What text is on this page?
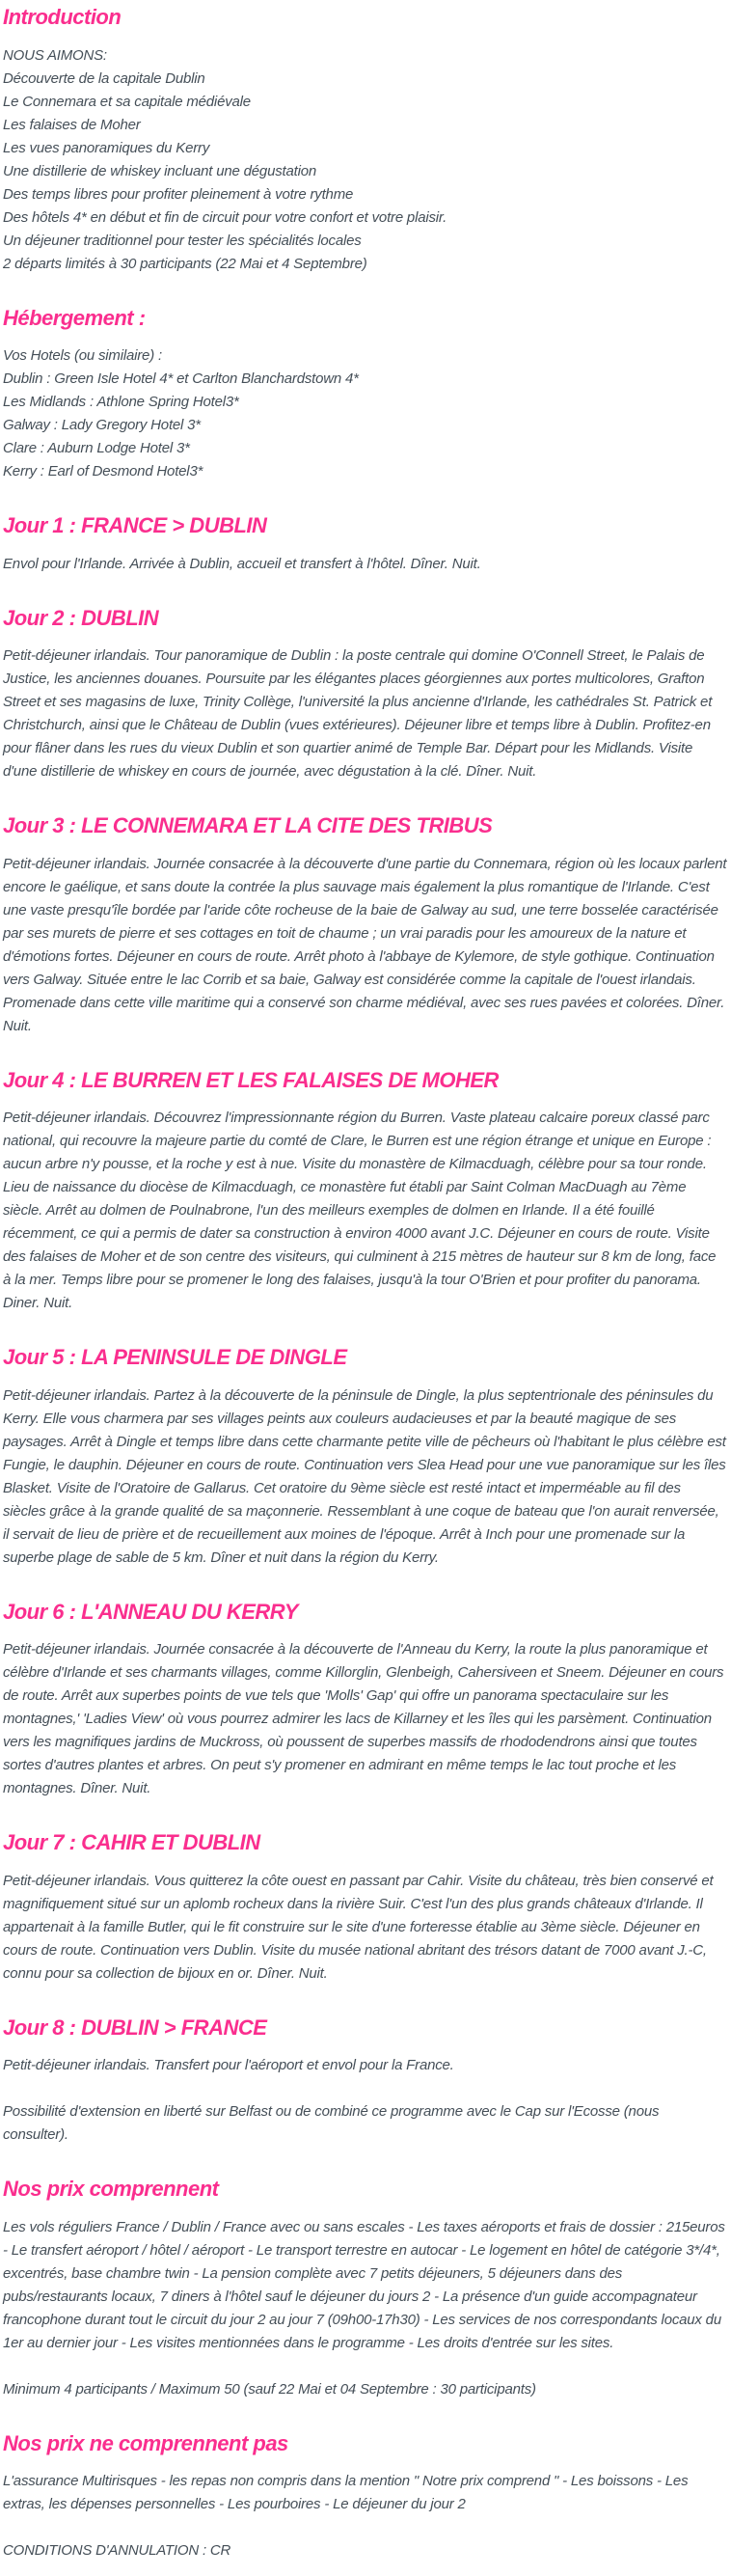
Introduction

NOUS AIMONS:

Découverte de la capitale Dublin

Le Connemara et sa capitale médiévale

Les falaises de Moher

Les vues panoramiques du Kerry

Une distillerie de whiskey incluant une dégustation

Des temps libres pour profiter pleinement à votre rythme

Des hôtels 4* en début et fin de circuit pour votre confort et votre plaisir.

Un déjeuner traditionnel pour tester les spécialités locales

2 départs limités à 30 participants (22 Mai et 4 Septembre)

Hébergement :

Vos Hotels (ou similaire) :

Dublin : Green Isle Hotel 4* et Carlton Blanchardstown 4*

Les Midlands : Athlone Spring Hotel3*

Galway : Lady Gregory Hotel 3*

Clare : Auburn Lodge Hotel 3*

Kerry : Earl of Desmond Hotel3*

Jour 1 : FRANCE > DUBLIN

Envol pour l'Irlande. Arrivée à Dublin, accueil et transfert à l'hôtel. Dîner. Nuit.

Jour 2 : DUBLIN

Petit-déjeuner irlandais. Tour panoramique de Dublin : la poste centrale qui domine O'Connell Street, le Palais de Justice, les anciennes douanes. Poursuite par les élégantes places géorgiennes aux portes multicolores, Grafton Street et ses magasins de luxe, Trinity Collège, l'université la plus ancienne d'Irlande, les cathédrales St. Patrick et Christchurch, ainsi que le Château de Dublin (vues extérieures). Déjeuner libre et temps libre à Dublin. Profitez-en pour flâner dans les rues du vieux Dublin et son quartier animé de Temple Bar. Départ pour les Midlands. Visite d'une distillerie de whiskey en cours de journée, avec dégustation à la clé. Dîner. Nuit.

Jour 3 : LE CONNEMARA ET LA CITE DES TRIBUS

Petit-déjeuner irlandais. Journée consacrée à la découverte d'une partie du Connemara, région où les locaux parlent encore le gaélique, et sans doute la contrée la plus sauvage mais également la plus romantique de l'Irlande. C'est une vaste presqu'île bordée par l'aride côte rocheuse de la baie de Galway au sud, une terre bosselée caractérisée par ses murets de pierre et ses cottages en toit de chaume ; un vrai paradis pour les amoureux de la nature et d'émotions fortes. Déjeuner en cours de route. Arrêt photo à l'abbaye de Kylemore, de style gothique. Continuation vers Galway. Située entre le lac Corrib et sa baie, Galway est considérée comme la capitale de l'ouest irlandais. Promenade dans cette ville maritime qui a conservé son charme médiéval, avec ses rues pavées et colorées. Dîner. Nuit.

Jour 4 : LE BURREN ET LES FALAISES DE MOHER

Petit-déjeuner irlandais. Découvrez l'impressionnante région du Burren. Vaste plateau calcaire poreux classé parc national, qui recouvre la majeure partie du comté de Clare, le Burren est une région étrange et unique en Europe : aucun arbre n'y pousse, et la roche y est à nue. Visite du monastère de Kilmacduagh, célèbre pour sa tour ronde. Lieu de naissance du diocèse de Kilmacduagh, ce monastère fut établi par Saint Colman MacDuagh au 7ème siècle. Arrêt au dolmen de Poulnabrone, l'un des meilleurs exemples de dolmen en Irlande. Il a été fouillé récemment, ce qui a permis de dater sa construction à environ 4000 avant J.C. Déjeuner en cours de route. Visite des falaises de Moher et de son centre des visiteurs, qui culminent à 215 mètres de hauteur sur 8 km de long, face à la mer. Temps libre pour se promener le long des falaises, jusqu'à la tour O'Brien et pour profiter du panorama. Diner. Nuit.

Jour 5 : LA PENINSULE DE DINGLE

Petit-déjeuner irlandais. Partez à la découverte de la péninsule de Dingle, la plus septentrionale des péninsules du Kerry. Elle vous charmera par ses villages peints aux couleurs audacieuses et par la beauté magique de ses paysages. Arrêt à Dingle et temps libre dans cette charmante petite ville de pêcheurs où l'habitant le plus célèbre est Fungie, le dauphin. Déjeuner en cours de route. Continuation vers Slea Head pour une vue panoramique sur les îles Blasket. Visite de l'Oratoire de Gallarus. Cet oratoire du 9ème siècle est resté intact et imperméable au fil des siècles grâce à la grande qualité de sa maçonnerie. Ressemblant à une coque de bateau que l'on aurait renversée, il servait de lieu de prière et de recueillement aux moines de l'époque. Arrêt à Inch pour une promenade sur la superbe plage de sable de 5 km. Dîner et nuit dans la région du Kerry.

Jour 6 : L'ANNEAU DU KERRY

Petit-déjeuner irlandais. Journée consacrée à la découverte de l'Anneau du Kerry, la route la plus panoramique et célèbre d'Irlande et ses charmants villages, comme Killorglin, Glenbeigh, Cahersiveen et Sneem. Déjeuner en cours de route. Arrêt aux superbes points de vue tels que 'Molls' Gap' qui offre un panorama spectaculaire sur les montagnes,' 'Ladies View' où vous pourrez admirer les lacs de Killarney et les îles qui les parsèment. Continuation vers les magnifiques jardins de Muckross, où poussent de superbes massifs de rhododendrons ainsi que toutes sortes d'autres plantes et arbres. On peut s'y promener en admirant en même temps le lac tout proche et les montagnes. Dîner. Nuit.

Jour 7 : CAHIR ET DUBLIN

Petit-déjeuner irlandais. Vous quitterez la côte ouest en passant par Cahir. Visite du château, très bien conservé et magnifiquement situé sur un aplomb rocheux dans la rivière Suir. C'est l'un des plus grands châteaux d'Irlande. Il appartenait à la famille Butler, qui le fit construire sur le site d'une forteresse établie au 3ème siècle. Déjeuner en cours de route. Continuation vers Dublin. Visite du musée national abritant des trésors datant de 7000 avant J.-C, connu pour sa collection de bijoux en or. Dîner. Nuit.

Jour 8 : DUBLIN > FRANCE

Petit-déjeuner irlandais. Transfert pour l'aéroport et envol pour la France.

Possibilité d'extension en liberté sur Belfast ou de combiné ce programme avec le Cap sur l'Ecosse (nous consulter).

Nos prix comprennent

Les vols réguliers France / Dublin / France avec ou sans escales - Les taxes aéroports et frais de dossier : 215euros - Le transfert aéroport / hôtel / aéroport - Le transport terrestre en autocar - Le logement en hôtel de catégorie 3*/4*, excentrés, base chambre twin - La pension complète avec 7 petits déjeuners, 5 déjeuners dans des pubs/restaurants locaux, 7 diners à l'hôtel sauf le déjeuner du jours 2 - La présence d'un guide accompagnateur francophone durant tout le circuit du jour 2 au jour 7 (09h00-17h30) - Les services de nos correspondants locaux du 1er au dernier jour - Les visites mentionnées dans le programme - Les droits d'entrée sur les sites.

Minimum 4 participants / Maximum 50 (sauf 22 Mai et 04 Septembre : 30 participants)

Nos prix ne comprennent pas

L'assurance Multirisques - les repas non compris dans la mention " Notre prix comprend " - Les boissons - Les extras, les dépenses personnelles - Les pourboires - Le déjeuner du jour 2

CONDITIONS D'ANNULATION : CR
